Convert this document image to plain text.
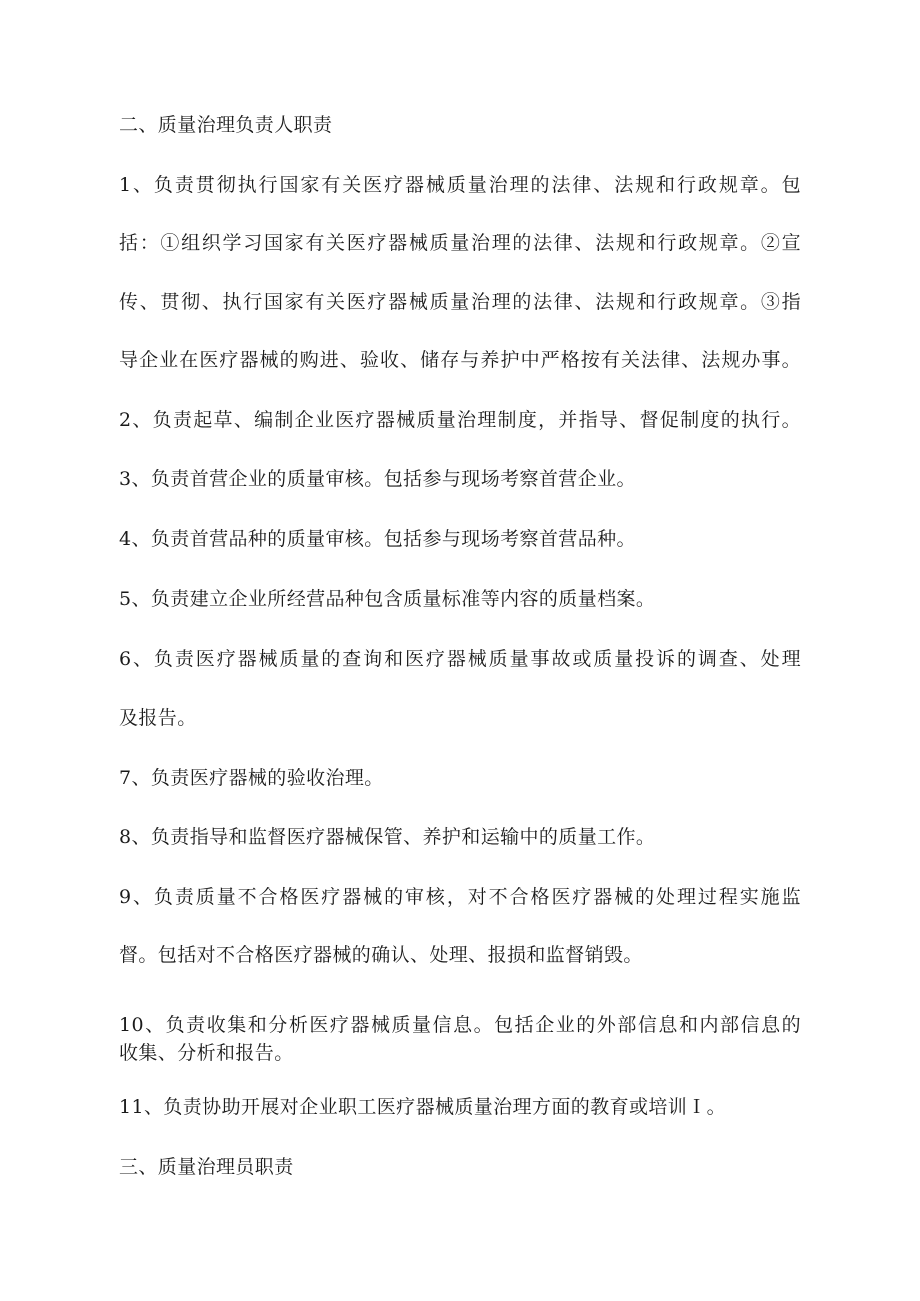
二、质量治理负责人职责
1、负责贯彻执行国家有关医疗器械质量治理的法律、法规和行政规章。包
括：①组织学习国家有关医疗器械质量治理的法律、法规和行政规章。②宣
传、贯彻、执行国家有关医疗器械质量治理的法律、法规和行政规章。③指
导企业在医疗器械的购进、验收、储存与养护中严格按有关法律、法规办事。
2、负责起草、编制企业医疗器械质量治理制度，并指导、督促制度的执行。
3、负责首营企业的质量审核。包括参与现场考察首营企业。
4、负责首营品种的质量审核。包括参与现场考察首营品种。
5、负责建立企业所经营品种包含质量标准等内容的质量档案。
6、负责医疗器械质量的查询和医疗器械质量事故或质量投诉的调查、处理
及报告。
7、负责医疗器械的验收治理。
8、负责指导和监督医疗器械保管、养护和运输中的质量工作。
9、负责质量不合格医疗器械的审核，对不合格医疗器械的处理过程实施监
督。包括对不合格医疗器械的确认、处理、报损和监督销毁。
10、负责收集和分析医疗器械质量信息。包括企业的外部信息和内部信息的
收集、分析和报告。
11、负责协助开展对企业职工医疗器械质量治理方面的教育或培训Ｉ。
三、质量治理员职责
